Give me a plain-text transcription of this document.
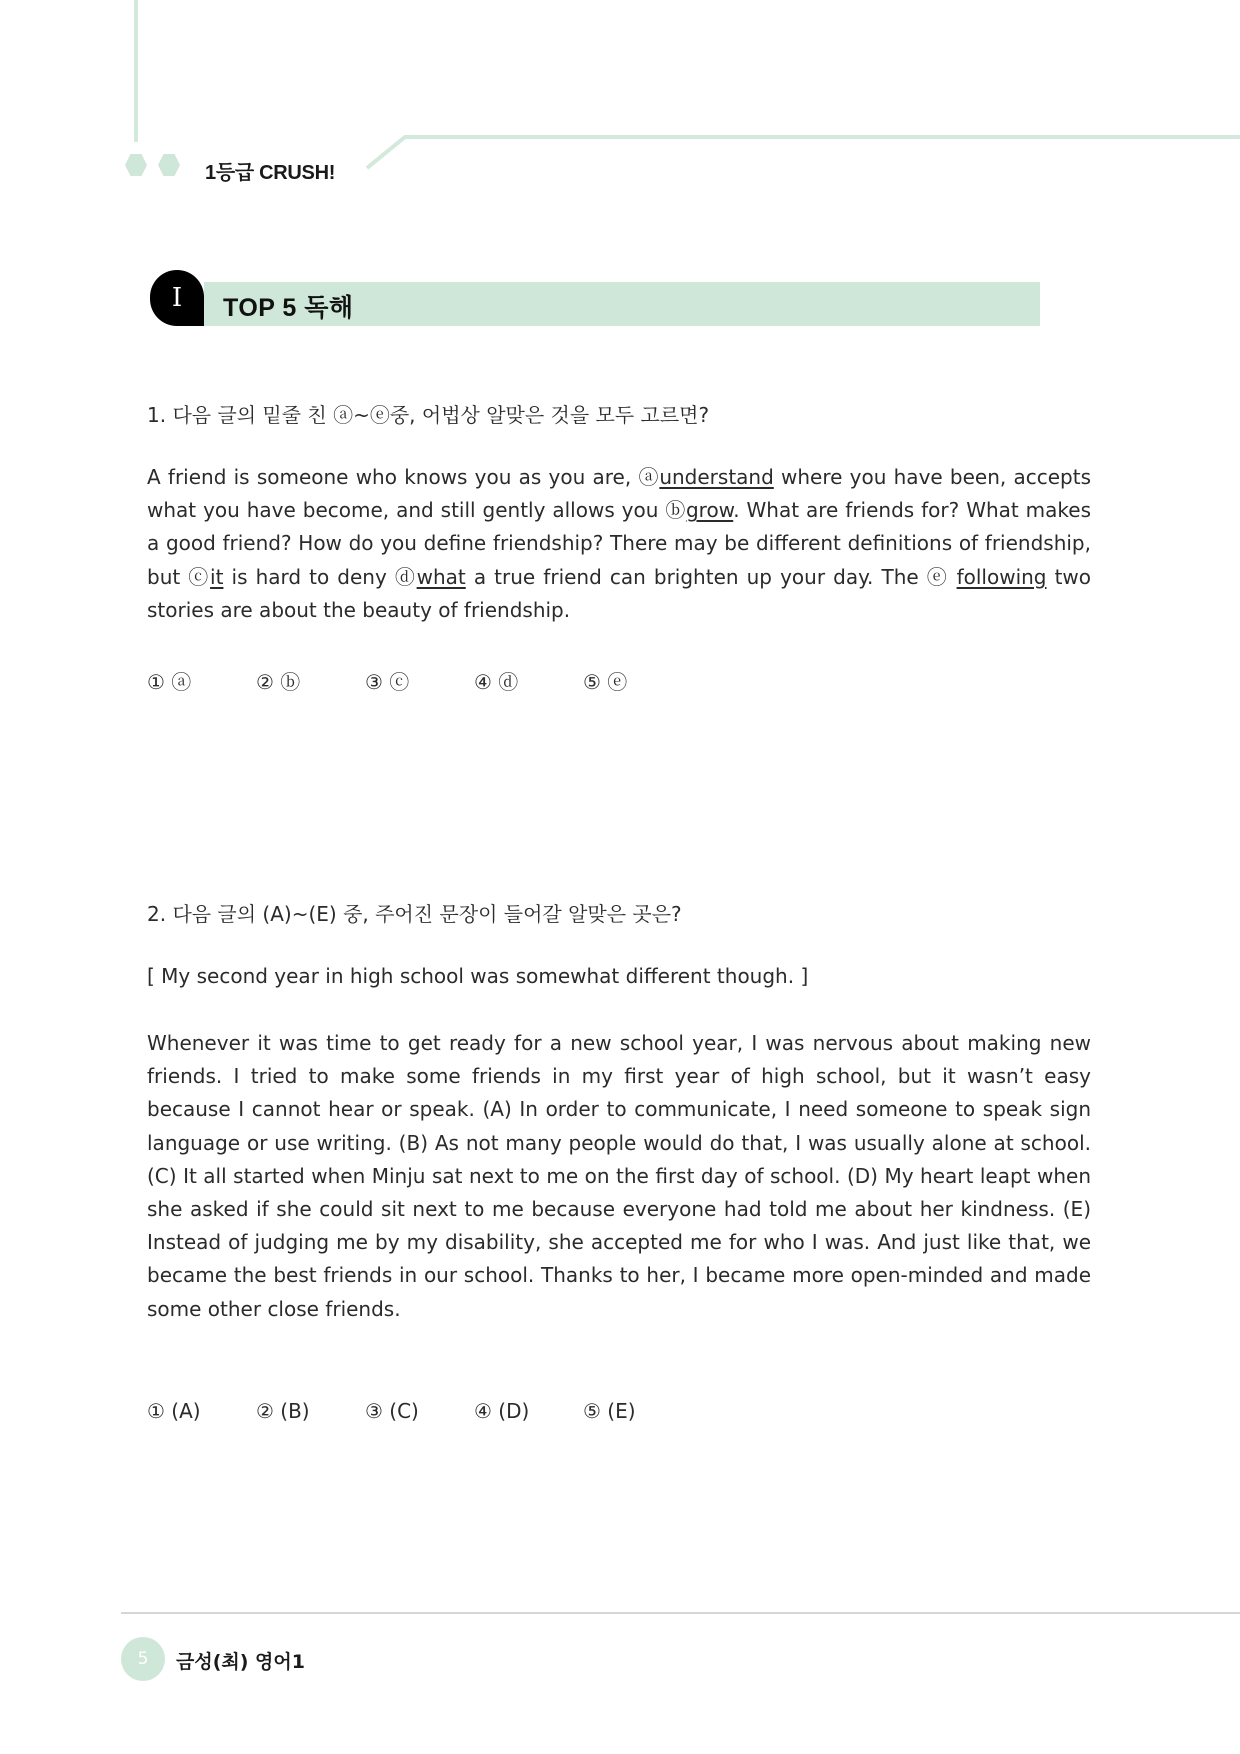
1등급 CRUSH!
I TOP 5 독해
1. 다음 글의 밑줄 친 ⓐ~ⓔ중, 어법상 알맞은 것을 모두 고르면?
A friend is someone who knows you as you are, ⓐunderstand where you have been, accepts what you have become, and still gently allows you ⓑgrow. What are friends for? What makes a good friend? How do you define friendship? There may be different definitions of friendship, but ⓒit is hard to deny ⓓwhat a true friend can brighten up your day. The ⓔ following two stories are about the beauty of friendship.
① ⓐ	② ⓑ	③ ⓒ	④ ⓓ	⑤ ⓔ
2. 다음 글의 (A)~(E) 중, 주어진 문장이 들어갈 알맞은 곳은?
[ My second year in high school was somewhat different though. ]
Whenever it was time to get ready for a new school year, I was nervous about making new friends. I tried to make some friends in my first year of high school, but it wasn’t easy because I cannot hear or speak. (A) In order to communicate, I need someone to speak sign language or use writing. (B) As not many people would do that, I was usually alone at school. (C) It all started when Minju sat next to me on the first day of school. (D) My heart leapt when she asked if she could sit next to me because everyone had told me about her kindness. (E) Instead of judging me by my disability, she accepted me for who I was. And just like that, we became the best friends in our school. Thanks to her, I became more open-minded and made some other close friends.
① (A)	② (B)	③ (C)	④ (D)	⑤ (E)
5 금성(최) 영어1
